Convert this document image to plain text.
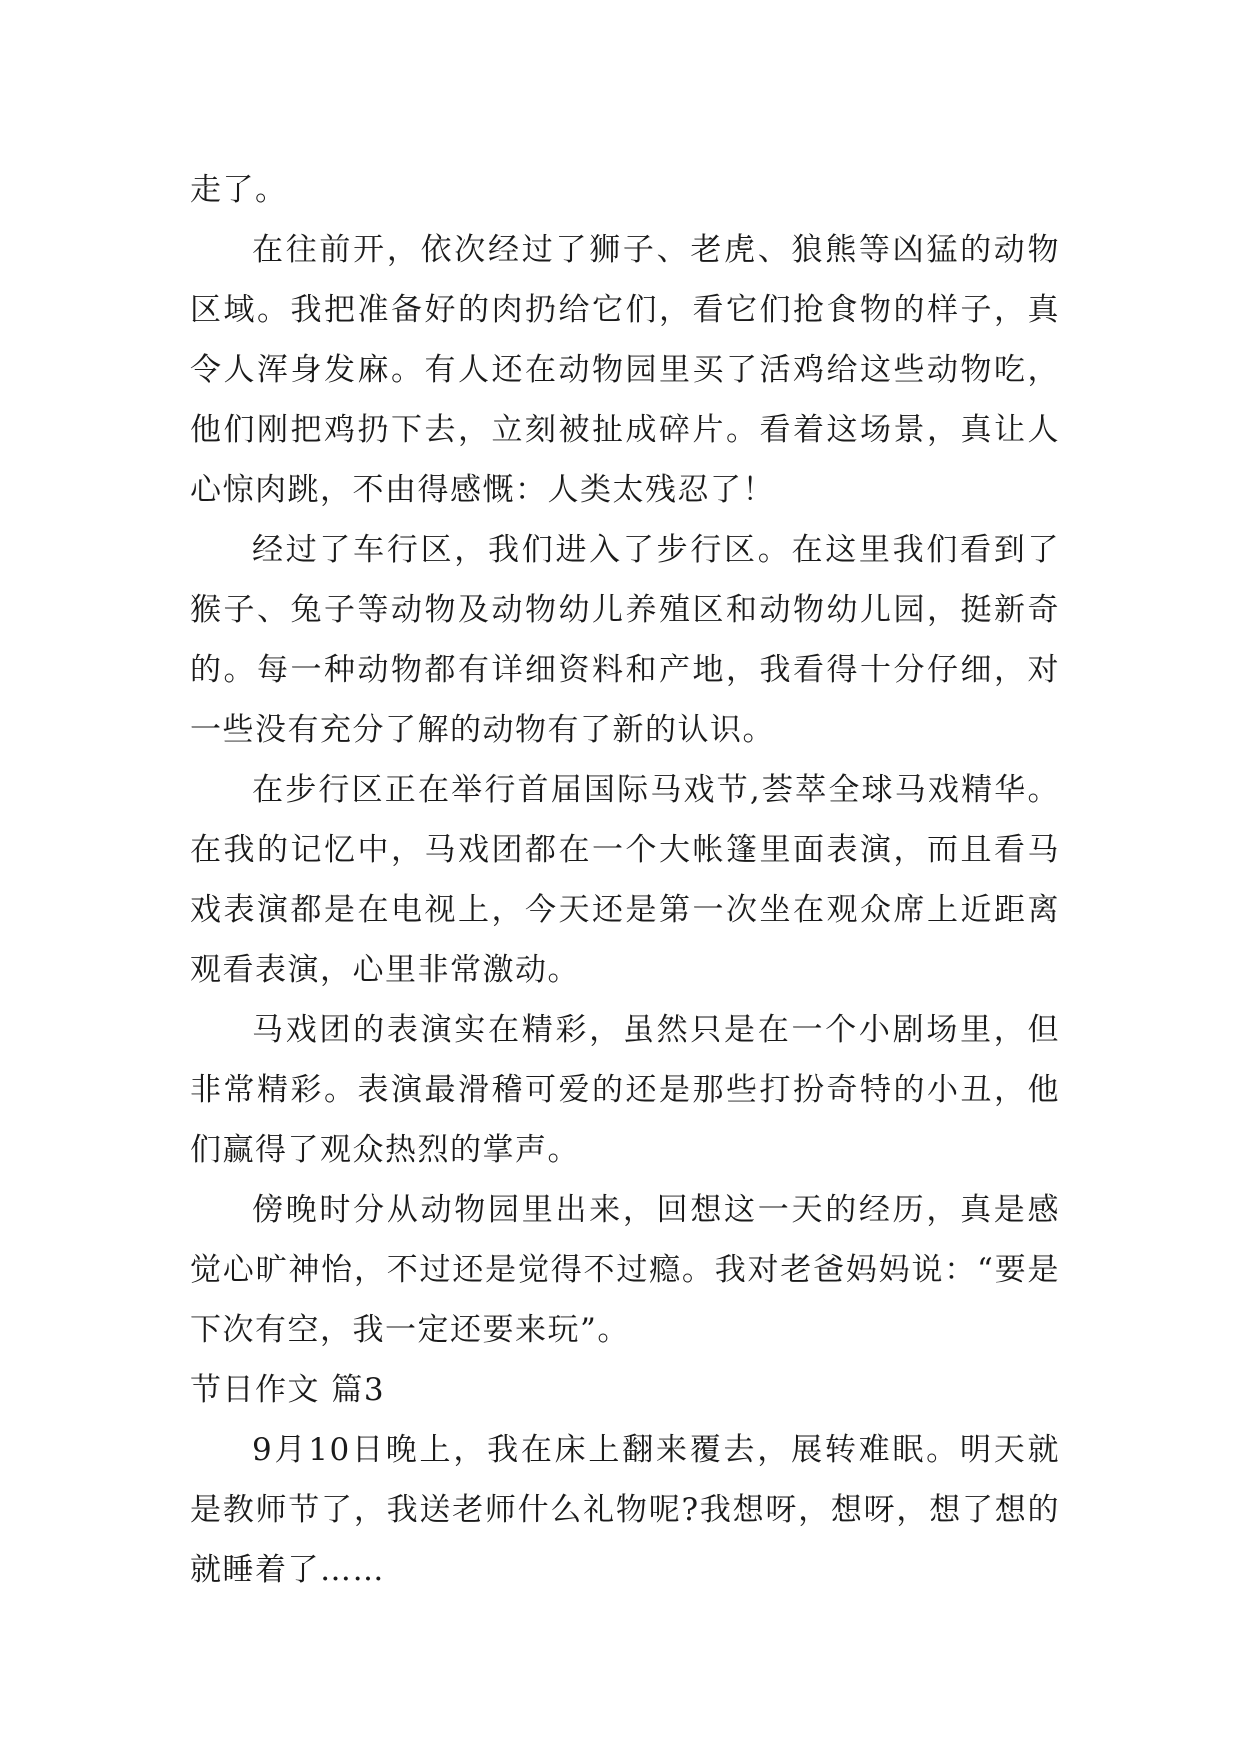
走了。

在往前开，依次经过了狮子、老虎、狼熊等凶猛的动物区域。我把准备好的肉扔给它们，看它们抢食物的样子，真令人浑身发麻。有人还在动物园里买了活鸡给这些动物吃，他们刚把鸡扔下去，立刻被扯成碎片。看着这场景，真让人心惊肉跳，不由得感慨：人类太残忍了！

经过了车行区，我们进入了步行区。在这里我们看到了猴子、兔子等动物及动物幼儿养殖区和动物幼儿园，挺新奇的。每一种动物都有详细资料和产地，我看得十分仔细，对一些没有充分了解的动物有了新的认识。

在步行区正在举行首届国际马戏节,荟萃全球马戏精华。在我的记忆中，马戏团都在一个大帐篷里面表演，而且看马戏表演都是在电视上，今天还是第一次坐在观众席上近距离观看表演，心里非常激动。

马戏团的表演实在精彩，虽然只是在一个小剧场里，但非常精彩。表演最滑稽可爱的还是那些打扮奇特的小丑，他们赢得了观众热烈的掌声。

傍晚时分从动物园里出来，回想这一天的经历，真是感觉心旷神怡，不过还是觉得不过瘾。我对老爸妈妈说：“要是下次有空，我一定还要来玩”。

节日作文 篇3

9月10日晚上，我在床上翻来覆去，展转难眠。明天就是教师节了，我送老师什么礼物呢?我想呀，想呀，想了想的就睡着了……
